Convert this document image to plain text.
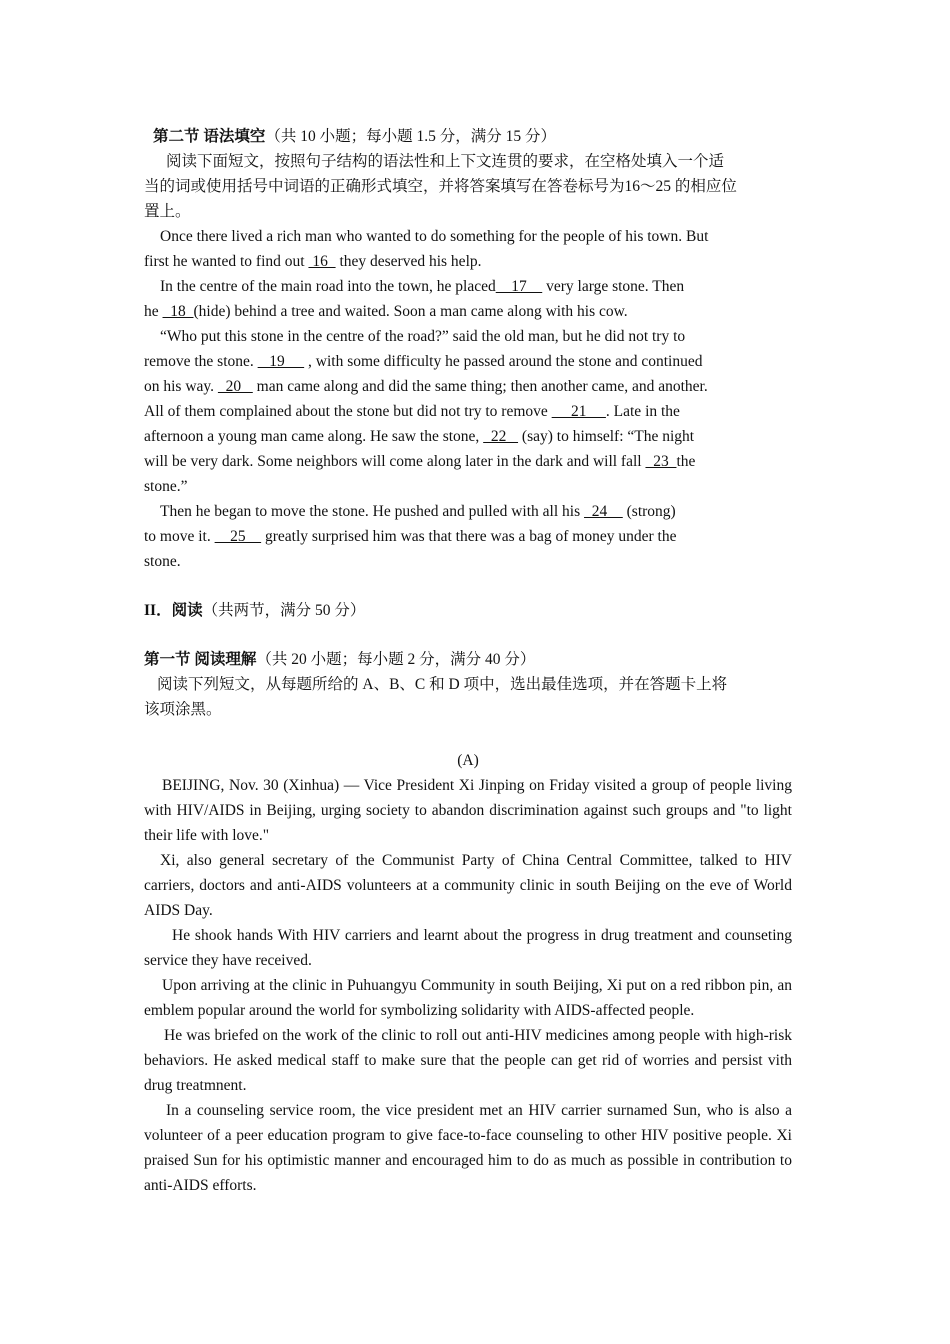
第二节 语法填空（共 10 小题；每小题 1.5 分，满分 15 分）
阅读下面短文，按照句子结构的语法性和上下文连贯的要求，在空格处填入一个适
当的词或使用括号中词语的正确形式填空，并将答案填写在答卷标号为16～25 的相应位
置上。
Once there lived a rich man who wanted to do something for the people of his town. But
first he wanted to find out  16   they deserved his help.
In the centre of the main road into the town, he placed    17     very large stone. Then
he   18  (hide) behind a tree and waited. Soon a man came along with his cow.
“Who put this stone in the centre of the road?” said the old man, but he did not try to
remove the stone.    19      , with some difficulty he passed around the stone and continued
on his way.   20    man came along and did the same thing; then another came, and another.
All of them complained about the stone but did not try to remove      21     . Late in the
afternoon a young man came along. He saw the stone,   22    (say) to himself: “The night
will be very dark. Some neighbors will come along later in the dark and will fall   23  the
stone.”
Then he began to move the stone. He pushed and pulled with all his   24     (strong)
to move it.     25     greatly surprised him was that there was a bag of money under the
stone.
II．阅读（共两节，满分 50 分）
第一节 阅读理解（共 20 小题；每小题 2 分，满分 40 分）
阅读下列短文，从每题所给的 A、B、C 和 D 项中，选出最佳选项，并在答题卡上将
该项涂黑。
(A)
BEIJING, Nov. 30 (Xinhua) — Vice President Xi Jinping on Friday visited a group of people living with HIV/AIDS in Beijing, urging society to abandon discrimination against such groups and "to light their life with love."
Xi, also general secretary of the Communist Party of China Central Committee, talked to HIV carriers, doctors and anti-AIDS volunteers at a community clinic in south Beijing on the eve of World AIDS Day.
He shook hands With HIV carriers and learnt about the progress in drug treatment and counseting service they have received.
Upon arriving at the clinic in Puhuangyu Community in south Beijing, Xi put on a red ribbon pin, an emblem popular around the world for symbolizing solidarity with AIDS-affected people.
He was briefed on the work of the clinic to roll out anti-HIV medicines among people with high-risk behaviors. He asked medical staff to make sure that the people can get rid of worries and persist vith drug treatmnent.
In a counseling service room, the vice president met an HIV carrier surnamed Sun, who is also a volunteer of a peer education program to give face-to-face counseling to other HIV positive people. Xi praised Sun for his optimistic manner and encouraged him to do as much as possible in contribution to anti-AIDS efforts.
